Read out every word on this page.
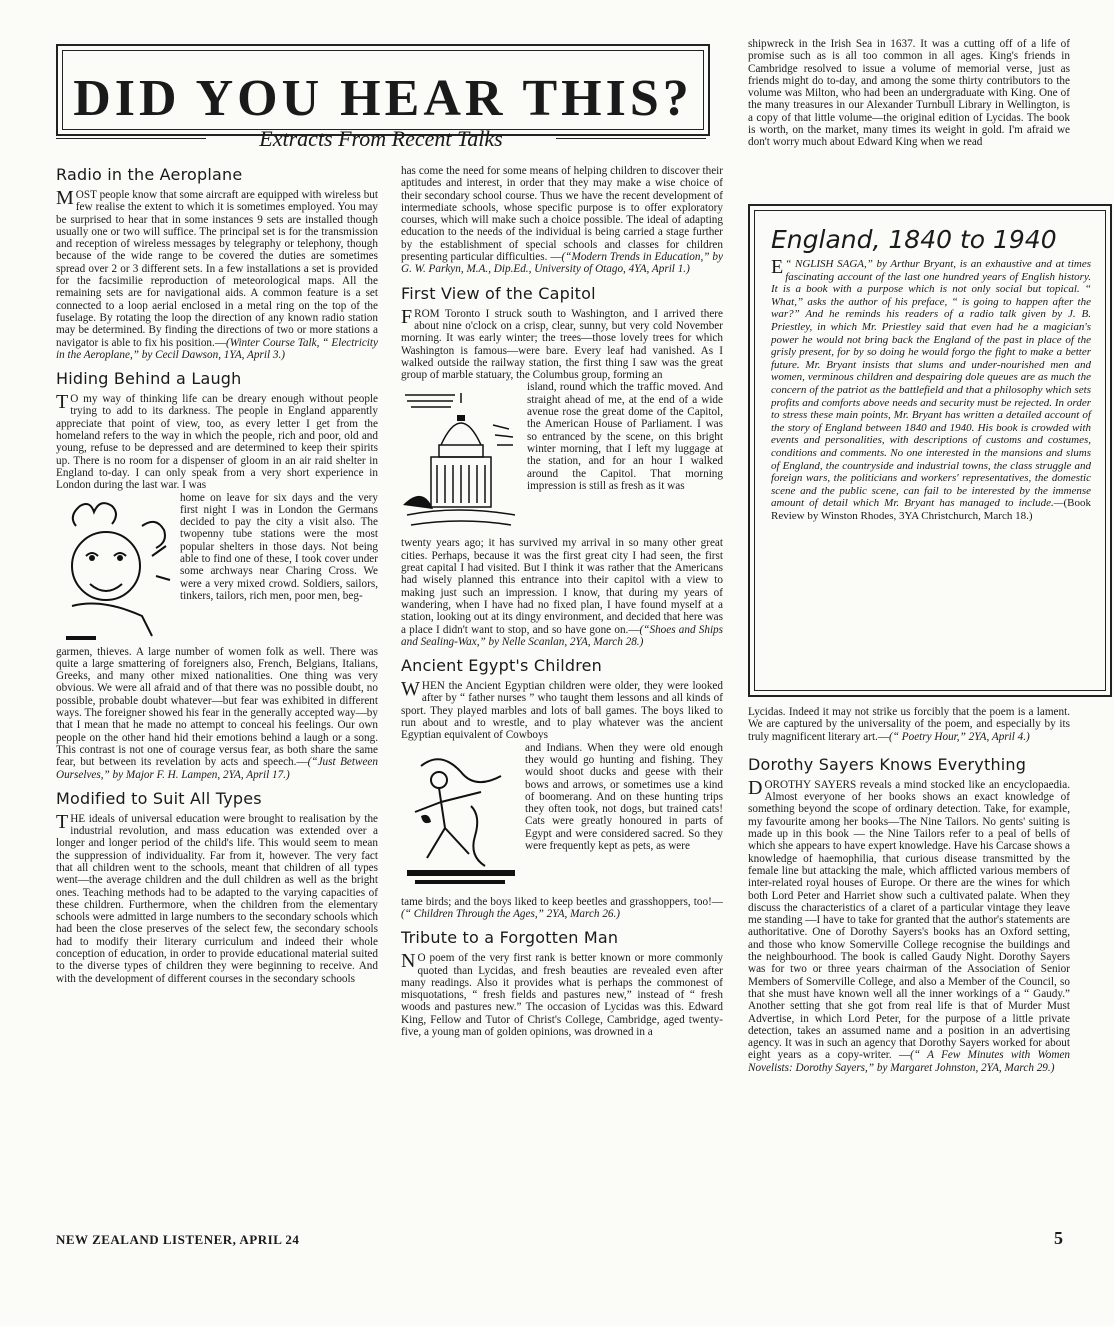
DID YOU HEAR THIS?
Extracts From Recent Talks
Radio in the Aeroplane

MOST people know that some aircraft are equipped with wireless but few realise the extent to which it is sometimes employed. You may be surprised to hear that in some instances 9 sets are installed though usually one or two will suffice. The principal set is for the transmission and reception of wireless messages by telegraphy or telephony, though because of the wide range to be covered the duties are sometimes spread over 2 or 3 different sets. In a few installations a set is provided for the facsimilie reproduction of meteorological maps. All the remaining sets are for navigational aids. A common feature is a set connected to a loop aerial enclosed in a metal ring on the top of the fuselage. By rotating the loop the direction of any known radio station may be determined. By finding the directions of two or more stations a navigator is able to fix his position.—(Winter Course Talk, “ Electricity in the Aeroplane,” by Cecil Dawson, 1YA, April 3.)

Hiding Behind a Laugh

T O my way of thinking life can be dreary enough without people trying to add to its darkness. The people in England apparently appreciate that point of view, too, as every letter I get from the homeland refers to the way in which the people, rich and poor, old and young, refuse to be depressed and are determined to keep their spirits up. There is no room for a dispenser of gloom in an air raid shelter in England to-day. I can only speak from a very short experience in London during the last war. I was

home on leave for six days and the very first night I was in London the Germans decided to pay the city a visit also. The twopenny tube stations were the most popular shelters in those days. Not being able to find one of these, I took cover under some archways near Charing Cross. We were a very mixed crowd. Soldiers, sailors, tinkers, tailors, rich men, poor men, beg-

garmen, thieves. A large number of women folk as well. There was quite a large smattering of foreigners also, French, Belgians, Italians, Greeks, and many other mixed nationalities. One thing was very obvious. We were all afraid and of that there was no possible doubt, no possible, probable doubt whatever—but fear was exhibited in different ways. The foreigner showed his fear in the generally accepted way—by that I mean that he made no attempt to conceal his feelings. Our own people on the other hand hid their emotions behind a laugh or a song. This contrast is not one of courage versus fear, as both share the same fear, but between its revelation by acts and speech.—(“Just Between Ourselves,” by Major F. H. Lampen, 2YA, April 17.)

Modified to Suit All Types

THE ideals of universal education were brought to realisation by the industrial revolution, and mass education was extended over a longer and longer period of the child's life. This would seem to mean the suppression of individuality. Far from it, however. The very fact that all children went to the schools, meant that children of all types went—the average children and the dull children as well as the bright ones. Teaching methods had to be adapted to the varying capacities of these children. Furthermore, when the children from the elementary schools were admitted in large numbers to the secondary schools which had been the close preserves of the select few, the secondary schools had to modify their literary curriculum and indeed their whole conception of education, in order to provide educational material suited to the diverse types of children they were beginning to receive. And with the development of different courses in the secondary schools

has come the need for some means of helping children to discover their aptitudes and interest, in order that they may make a wise choice of their secondary school course. Thus we have the recent development of intermediate schools, whose specific purpose is to offer exploratory courses, which will make such a choice possible. The ideal of adapting education to the needs of the individual is being carried a stage further by the establishment of special schools and classes for children presenting particular difficulties. —(“Modern Trends in Education,” by G. W. Parkyn, M.A., Dip.Ed., University of Otago, 4YA, April 1.)

First View of the Capitol

FROM Toronto I struck south to Washington, and I arrived there about nine o'clock on a crisp, clear, sunny, but very cold November morning. It was early winter; the trees—those lovely trees for which Washington is famous—were bare. Every leaf had vanished. As I walked outside the railway station, the first thing I saw was the great group of marble statuary, the Columbus group, forming an

island, round which the traffic moved. And straight ahead of me, at the end of a wide avenue rose the great dome of the Capitol, the American House of Parliament. I was so entranced by the scene, on this bright winter morning, that I left my luggage at the station, and for an hour I walked around the Capitol. That morning impression is still as fresh as it was

twenty years ago; it has survived my arrival in so many other great cities. Perhaps, because it was the first great city I had seen, the first great capital I had visited. But I think it was rather that the Americans had wisely planned this entrance into their capitol with a view to making just such an impression. I know, that during my years of wandering, when I have had no fixed plan, I have found myself at a station, looking out at its dingy environment, and decided that here was a place I didn't want to stop, and so have gone on.—(“Shoes and Ships and Sealing-Wax,” by Nelle Scanlan, 2YA, March 28.)

Ancient Egypt's Children

WHEN the Ancient Egyptian children were older, they were looked after by “ father nurses ” who taught them lessons and all kinds of sport. They played marbles and lots of ball games. The boys liked to run about and to wrestle, and to play whatever was the ancient Egyptian equivalent of Cowboys

and Indians. When they were old enough they would go hunting and fishing. They would shoot ducks and geese with their bows and arrows, or sometimes use a kind of boomerang. And on these hunting trips they often took, not dogs, but trained cats! Cats were greatly honoured in parts of Egypt and were considered sacred. So they were frequently kept as pets, as were

tame birds; and the boys liked to keep beetles and grasshoppers, too!—(“ Children Through the Ages,” 2YA, March 26.)

Tribute to a Forgotten Man

N O poem of the very first rank is better known or more commonly quoted than Lycidas, and fresh beauties are revealed even after many readings. Also it provides what is perhaps the commonest of misquotations, “ fresh fields and pastures new,” instead of “ fresh woods and pastures new.” The occasion of Lycidas was this. Edward King, Fellow and Tutor of Christ's College, Cambridge, aged twenty-five, a young man of golden opinions, was drowned in a

shipwreck in the Irish Sea in 1637. It was a cutting off of a life of promise such as is all too common in all ages. King's friends in Cambridge resolved to issue a volume of memorial verse, just as friends might do to-day, and among the some thirty contributors to the volume was Milton, who had been an undergraduate with King. One of the many treasures in our Alexander Turnbull Library in Wellington, is a copy of that little volume—the original edition of Lycidas. The book is worth, on the market, many times its weight in gold. I'm afraid we don't worry much about Edward King when we read

England, 1840 to 1940

E “ NGLISH SAGA,” by Arthur Bryant, is an exhaustive and at times fascinating account of the last one hundred years of English history. It is a book with a purpose which is not only social but topical. “ What,” asks the author of his preface, “ is going to happen after the war?” And he reminds his readers of a radio talk given by J. B. Priestley, in which Mr. Priestley said that even had he a magician's power he would not bring back the England of the past in place of the grisly present, for by so doing he would forgo the fight to make a better future. Mr. Bryant insists that slums and under-nourished men and women, verminous children and despairing dole queues are as much the concern of the patriot as the battlefield and that a philosophy which sets profits and comforts above needs and security must be rejected. In order to stress these main points, Mr. Bryant has written a detailed account of the story of England between 1840 and 1940. His book is crowded with events and personalities, with descriptions of customs and costumes, conditions and comments. No one interested in the mansions and slums of England, the countryside and industrial towns, the class struggle and foreign wars, the politicians and workers' representatives, the domestic scene and the public scene, can fail to be interested by the immense amount of detail which Mr. Bryant has managed to include.—(Book Review by Winston Rhodes, 3YA Christchurch, March 18.)

Lycidas. Indeed it may not strike us forcibly that the poem is a lament. We are captured by the universality of the poem, and especially by its truly magnificent literary art.—(“ Poetry Hour,” 2YA, April 4.)

Dorothy Sayers Knows Everything

DOROTHY SAYERS reveals a mind stocked like an encyclopaedia. Almost everyone of her books shows an exact knowledge of something beyond the scope of ordinary detection. Take, for example, my favourite among her books—The Nine Tailors. No gents' suiting is made up in this book — the Nine Tailors refer to a peal of bells of which she appears to have expert knowledge. Have his Carcase shows a knowledge of haemophilia, that curious disease transmitted by the female line but attacking the male, which afflicted various members of inter-related royal houses of Europe. Or there are the wines for which both Lord Peter and Harriet show such a cultivated palate. When they discuss the characteristics of a claret of a particular vintage they leave me standing —I have to take for granted that the author's statements are authoritative. One of Dorothy Sayers's books has an Oxford setting, and those who know Somerville College recognise the buildings and the neighbourhood. The book is called Gaudy Night. Dorothy Sayers was for two or three years chairman of the Association of Senior Members of Somerville College, and also a Member of the Council, so that she must have known well all the inner workings of a “ Gaudy.” Another setting that she got from real life is that of Murder Must Advertise, in which Lord Peter, for the purpose of a little private detection, takes an assumed name and a position in an advertising agency. It was in such an agency that Dorothy Sayers worked for about eight years as a copy-writer. —(“ A Few Minutes with Women Novelists: Dorothy Sayers,” by Margaret Johnston, 2YA, March 29.)

NEW ZEALAND LISTENER, APRIL 24	5
